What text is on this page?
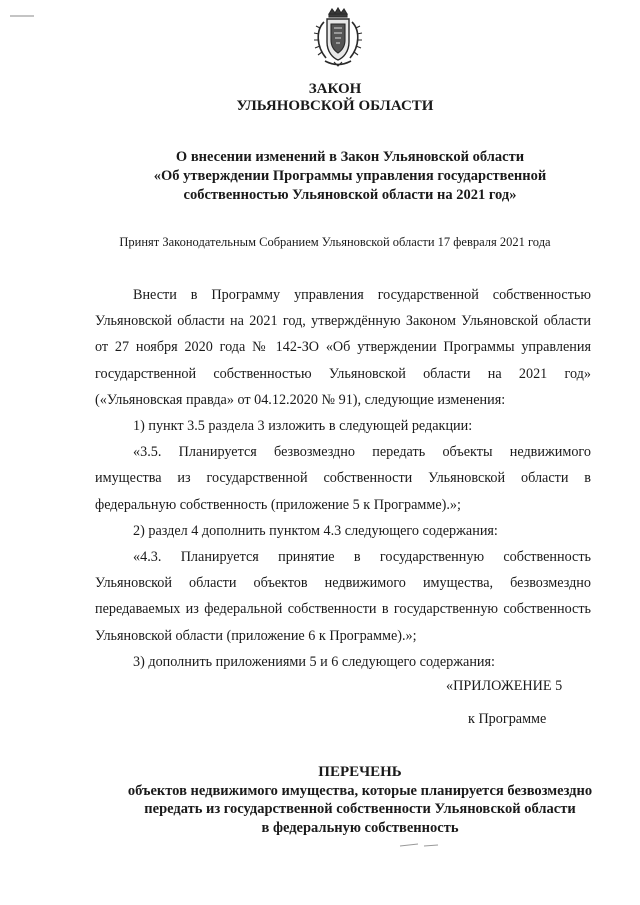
ЗАКОН
УЛЬЯНОВСКОЙ ОБЛАСТИ
О внесении изменений в Закон Ульяновской области
«Об утверждении Программы управления государственной
собственностью Ульяновской области на 2021 год»
Принят Законодательным Собранием Ульяновской области 17 февраля 2021 года

Внести в Программу управления государственной собственностью Ульяновской области на 2021 год, утверждённую Законом Ульяновской области от 27 ноября 2020 года № 142-ЗО «Об утверждении Программы управления государственной собственностью Ульяновской области на 2021 год» («Ульяновская правда» от 04.12.2020 № 91), следующие изменения:

1) пункт 3.5 раздела 3 изложить в следующей редакции:

«3.5. Планируется безвозмездно передать объекты недвижимого имущества из государственной собственности Ульяновской области в федеральную собственность (приложение 5 к Программе).»;

2) раздел 4 дополнить пунктом 4.3 следующего содержания:

«4.3. Планируется принятие в государственную собственность Ульяновской области объектов недвижимого имущества, безвозмездно передаваемых из федеральной собственности в государственную собственность Ульяновской области (приложение 6 к Программе).»;

3) дополнить приложениями 5 и 6 следующего содержания:

«ПРИЛОЖЕНИЕ 5
к Программе
ПЕРЕЧЕНЬ
объектов недвижимого имущества, которые планируется безвозмездно
передать из государственной собственности Ульяновской области
в федеральную собственность
